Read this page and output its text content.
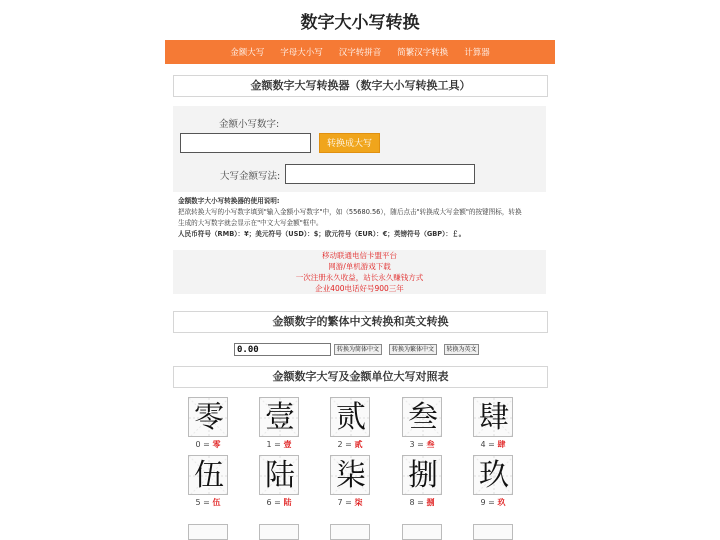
数字大小写转换
金额大写	字母大小写	汉字转拼音	简繁汉字转换	计算器
金额数字大写转换器（数字大小写转换工具）
金额小写数字:
转换成大写
大写金额写法:
金额数字大小写转换器的使用说明:
把欲转换大写的小写数字填到"输入金额小写数字"中，如（55680.56），随后点击"转换成大写金额"的按键图标，转换
生成的大写数字就会显示在"中文大写金额"框中。
人民币符号（RMB）：¥；美元符号（USD）：$；欧元符号（EUR）：€；英镑符号（GBP）：￡。
移动联通电信卡盟平台
网游/单机游戏下载
一次注册永久收益，站长永久赚钱方式
企业400电话好号900三年
金额数字的繁体中文转换和英文转换
0.00	转换为简体中文	转换为繁体中文	转换为英文
金额数字大写及金额单位大写对照表
零
0 = 零
壹
1 = 壹
贰
2 = 贰
叁
3 = 叁
肆
4 = 肆
伍
5 = 伍
陆
6 = 陆
柒
7 = 柒
捌
8 = 捌
玖
9 = 玖
